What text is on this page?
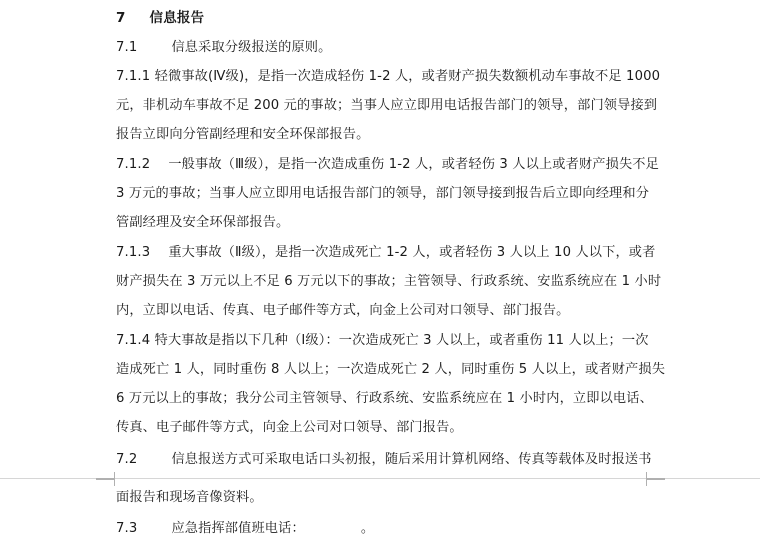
7 信息报告
7.1	信息采取分级报送的原则。
7.1.1 轻微事故(Ⅳ级)，是指一次造成轻伤 1-2 人，或者财产损失数额机动车事故不足 1000
元，非机动车事故不足 200 元的事故；当事人应立即用电话报告部门的领导，部门领导接到
报告立即向分管副经理和安全环保部报告。
7.1.2 一般事故（Ⅲ级），是指一次造成重伤 1-2 人，或者轻伤 3 人以上或者财产损失不足
3 万元的事故；当事人应立即用电话报告部门的领导，部门领导接到报告后立即向经理和分
管副经理及安全环保部报告。
7.1.3 重大事故（Ⅱ级），是指一次造成死亡 1-2 人，或者轻伤 3 人以上 10 人以下，或者
财产损失在 3 万元以上不足 6 万元以下的事故；主管领导、行政系统、安监系统应在 1 小时
内，立即以电话、传真、电子邮件等方式，向金上公司对口领导、部门报告。
7.1.4 特大事故是指以下几种（Ⅰ级）：一次造成死亡 3 人以上，或者重伤 11 人以上；一次
造成死亡 1 人，同时重伤 8 人以上；一次造成死亡 2 人，同时重伤 5 人以上，或者财产损失
6 万元以上的事故；我分公司主管领导、行政系统、安监系统应在 1 小时内，立即以电话、
传真、电子邮件等方式，向金上公司对口领导、部门报告。
7.2	信息报送方式可采取电话口头初报，随后采用计算机网络、传真等载体及时报送书
面报告和现场音像资料。
7.3	应急指挥部值班电话：	。
